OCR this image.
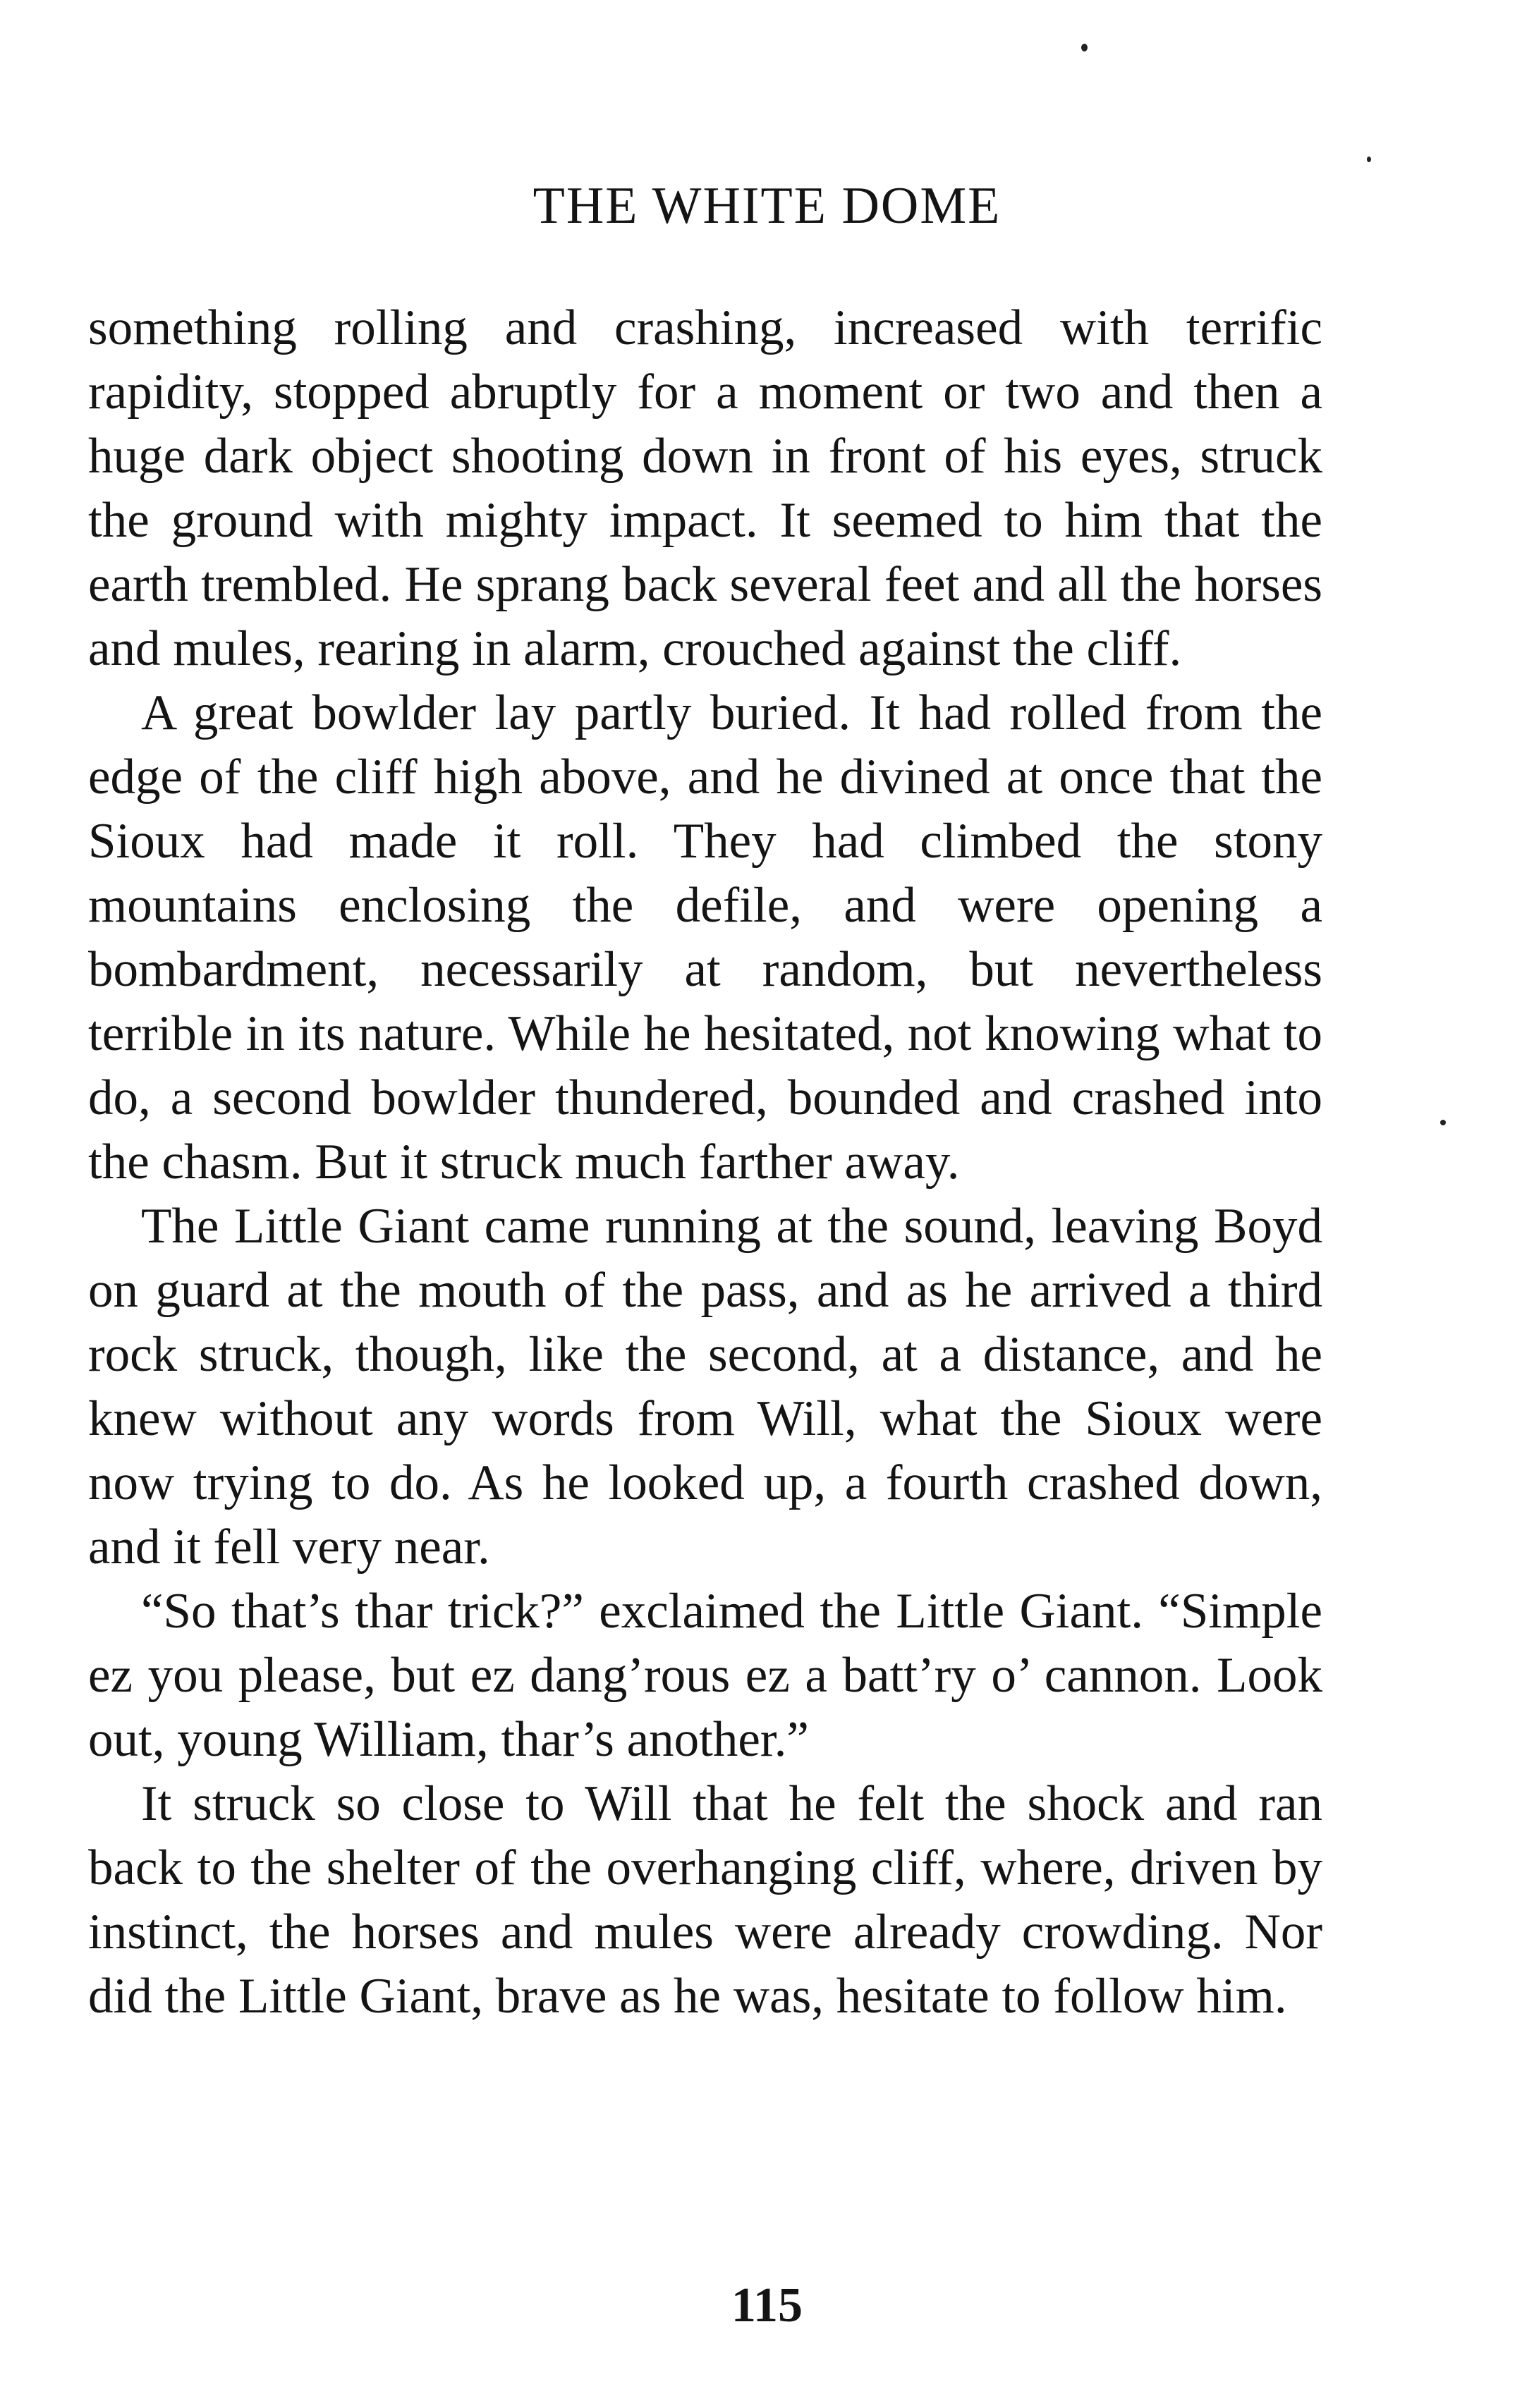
THE WHITE DOME

something rolling and crashing, increased with terrific rapidity, stopped abruptly for a moment or two and then a huge dark object shooting down in front of his eyes, struck the ground with mighty impact. It seemed to him that the earth trembled. He sprang back several feet and all the horses and mules, rearing in alarm, crouched against the cliff.

A great bowlder lay partly buried. It had rolled from the edge of the cliff high above, and he divined at once that the Sioux had made it roll. They had climbed the stony mountains enclosing the defile, and were opening a bombardment, necessarily at random, but nevertheless terrible in its nature. While he hesitated, not knowing what to do, a second bowlder thundered, bounded and crashed into the chasm. But it struck much farther away.

The Little Giant came running at the sound, leaving Boyd on guard at the mouth of the pass, and as he arrived a third rock struck, though, like the second, at a distance, and he knew without any words from Will, what the Sioux were now trying to do. As he looked up, a fourth crashed down, and it fell very near.

“So that’s thar trick?” exclaimed the Little Giant. “Simple ez you please, but ez dang’rous ez a batt’ry o’ cannon. Look out, young William, thar’s another.”

It struck so close to Will that he felt the shock and ran back to the shelter of the overhanging cliff, where, driven by instinct, the horses and mules were already crowding. Nor did the Little Giant, brave as he was, hesitate to follow him.

115
